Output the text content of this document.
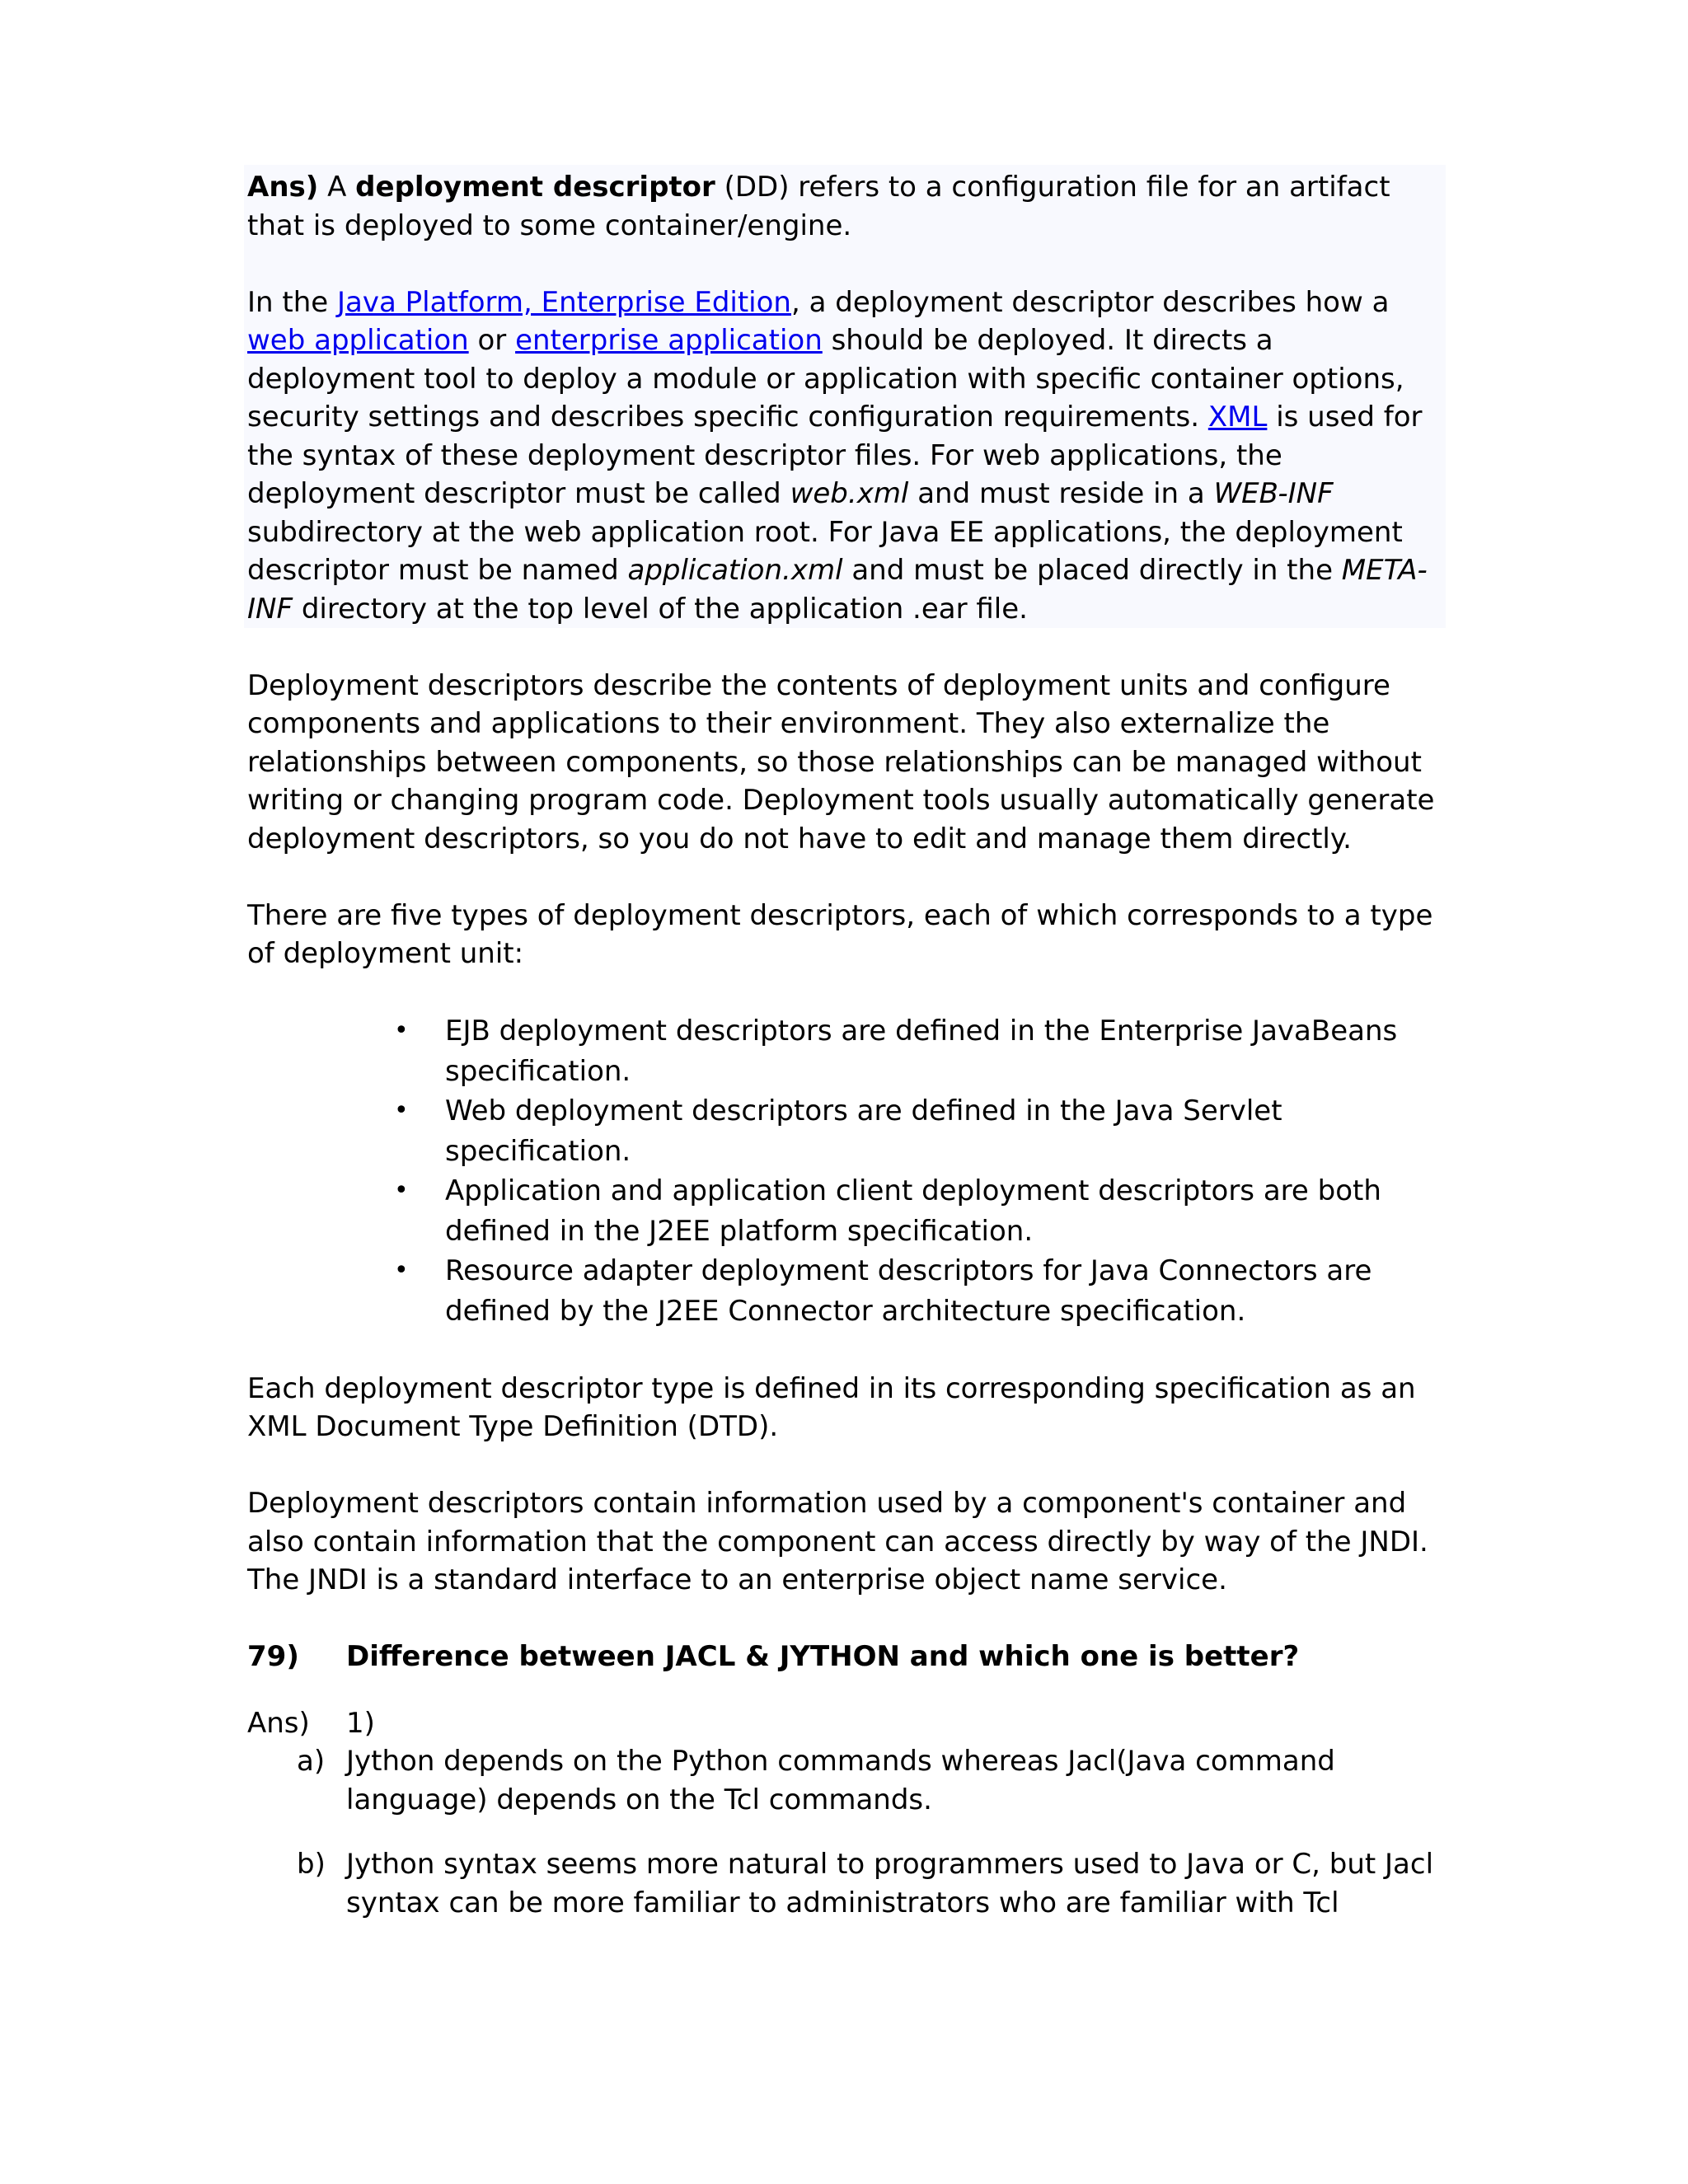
Ans) A deployment descriptor (DD) refers to a configuration file for an artifact that is deployed to some container/engine.

In the Java Platform, Enterprise Edition, a deployment descriptor describes how a web application or enterprise application should be deployed. It directs a deployment tool to deploy a module or application with specific container options, security settings and describes specific configuration requirements. XML is used for the syntax of these deployment descriptor files. For web applications, the deployment descriptor must be called web.xml and must reside in a WEB-INF subdirectory at the web application root. For Java EE applications, the deployment descriptor must be named application.xml and must be placed directly in the META-INF directory at the top level of the application .ear file.

Deployment descriptors describe the contents of deployment units and configure components and applications to their environment. They also externalize the relationships between components, so those relationships can be managed without writing or changing program code. Deployment tools usually automatically generate deployment descriptors, so you do not have to edit and manage them directly.

There are five types of deployment descriptors, each of which corresponds to a type of deployment unit:

• EJB deployment descriptors are defined in the Enterprise JavaBeans specification.
• Web deployment descriptors are defined in the Java Servlet specification.
• Application and application client deployment descriptors are both defined in the J2EE platform specification.
• Resource adapter deployment descriptors for Java Connectors are defined by the J2EE Connector architecture specification.

Each deployment descriptor type is defined in its corresponding specification as an XML Document Type Definition (DTD).

Deployment descriptors contain information used by a component's container and also contain information that the component can access directly by way of the JNDI. The JNDI is a standard interface to an enterprise object name service.

79)	Difference between JACL & JYTHON and which one is better?
Ans)	1)
a) Jython depends on the Python commands whereas Jacl(Java command language) depends on the Tcl commands.
b) Jython syntax seems more natural to programmers used to Java or C, but Jacl syntax can be more familiar to administrators who are familiar with Tcl
